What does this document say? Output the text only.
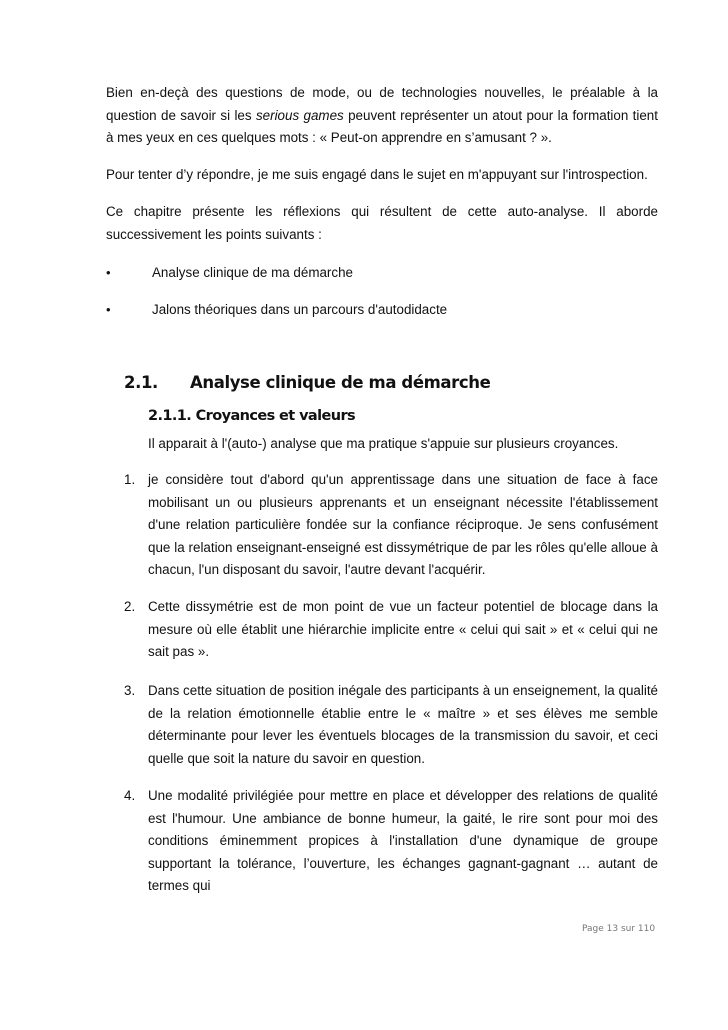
Bien en-deçà des questions de mode, ou de technologies nouvelles, le préalable à la question de savoir si les serious games peuvent représenter un atout pour la formation tient à mes yeux en ces quelques mots : « Peut-on apprendre en s’amusant ? ».

Pour tenter d’y répondre, je me suis engagé dans le sujet en m'appuyant sur l'introspection.

Ce chapitre présente les réflexions qui résultent de cette auto-analyse. Il aborde successivement les points suivants :

•	Analyse clinique de ma démarche
•	Jalons théoriques dans un parcours d'autodidacte
2.1. Analyse clinique de ma démarche
2.1.1. Croyances et valeurs

Il apparait à l'(auto-) analyse que ma pratique s'appuie sur plusieurs croyances.

1. je considère tout d'abord qu'un apprentissage dans une situation de face à face mobilisant un ou plusieurs apprenants et un enseignant nécessite l'établissement d'une relation particulière fondée sur la confiance réciproque. Je sens confusément que la relation enseignant-enseigné est dissymétrique de par les rôles qu'elle alloue à chacun, l'un disposant du savoir, l'autre devant l'acquérir.
2. Cette dissymétrie est de mon point de vue un facteur potentiel de blocage dans la mesure où elle établit une hiérarchie implicite entre « celui qui sait » et « celui qui ne sait pas ».
3. Dans cette situation de position inégale des participants à un enseignement, la qualité de la relation émotionnelle établie entre le « maître » et ses élèves me semble déterminante pour lever les éventuels blocages de la transmission du savoir, et ceci quelle que soit la nature du savoir en question.
4. Une modalité privilégiée pour mettre en place et développer des relations de qualité est l'humour. Une ambiance de bonne humeur, la gaité, le rire sont pour moi des conditions éminemment propices à l'installation d'une dynamique de groupe supportant la tolérance, l’ouverture, les échanges gagnant-gagnant … autant de termes qui
Page 13 sur 110
